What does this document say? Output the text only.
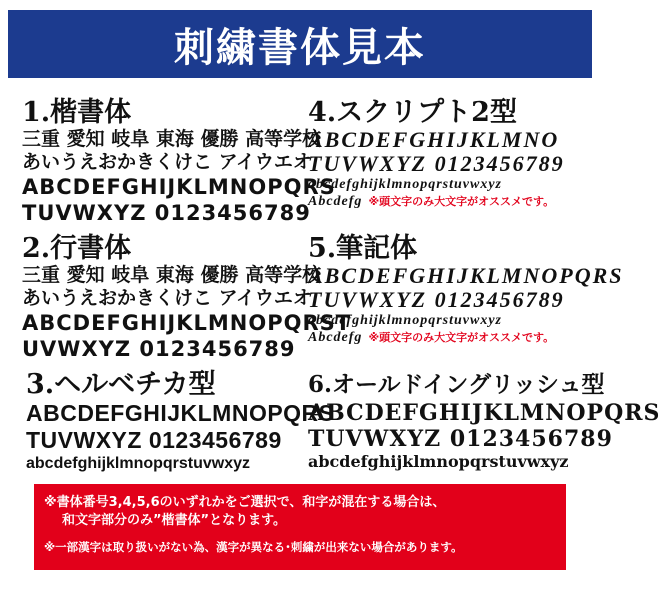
刺繍書体見本
1.楷書体
三重 愛知 岐阜 東海 優勝 高等学校
あいうえおかきくけこ アイウエオ
ABCDEFGHIJKLMNOPQRS
TUVWXYZ 0123456789
2.行書体
三重 愛知 岐阜 東海 優勝 高等学校
あいうえおかきくけこ アイウエオ
ABCDEFGHIJKLMNOPQRST
UVWXYZ 0123456789
3.ヘルベチカ型
ABCDEFGHIJKLMNOPQRS
TUVWXYZ 0123456789
abcdefghijklmnopqrstuvwxyz
4.スクリプト2型
ABCDEFGHIJKLMNO
TUVWXYZ 0123456789
abcdefghijklmnopqrstuvwxyz
Abcdefg ※頭文字のみ大文字がオススメです。
5.筆記体
ABCDEFGHIJKLMNOPQRS
TUVWXYZ 0123456789
abcdefghijklmnopqrstuvwxyz
Abcdefg ※頭文字のみ大文字がオススメです。
6.オールドイングリッシュ型
ABCDEFGHIJKLMNOPQRS
TUVWXYZ 0123456789
abcdefghijklmnopqrstuvwxyz

※書体番号3,4,5,6のいずれかをご選択で、和字が混在する場合は、

和文字部分のみ”楷書体”となります。

※一部漢字は取り扱いがない為、漢字が異なる･刺繍が出来ない場合があります。
